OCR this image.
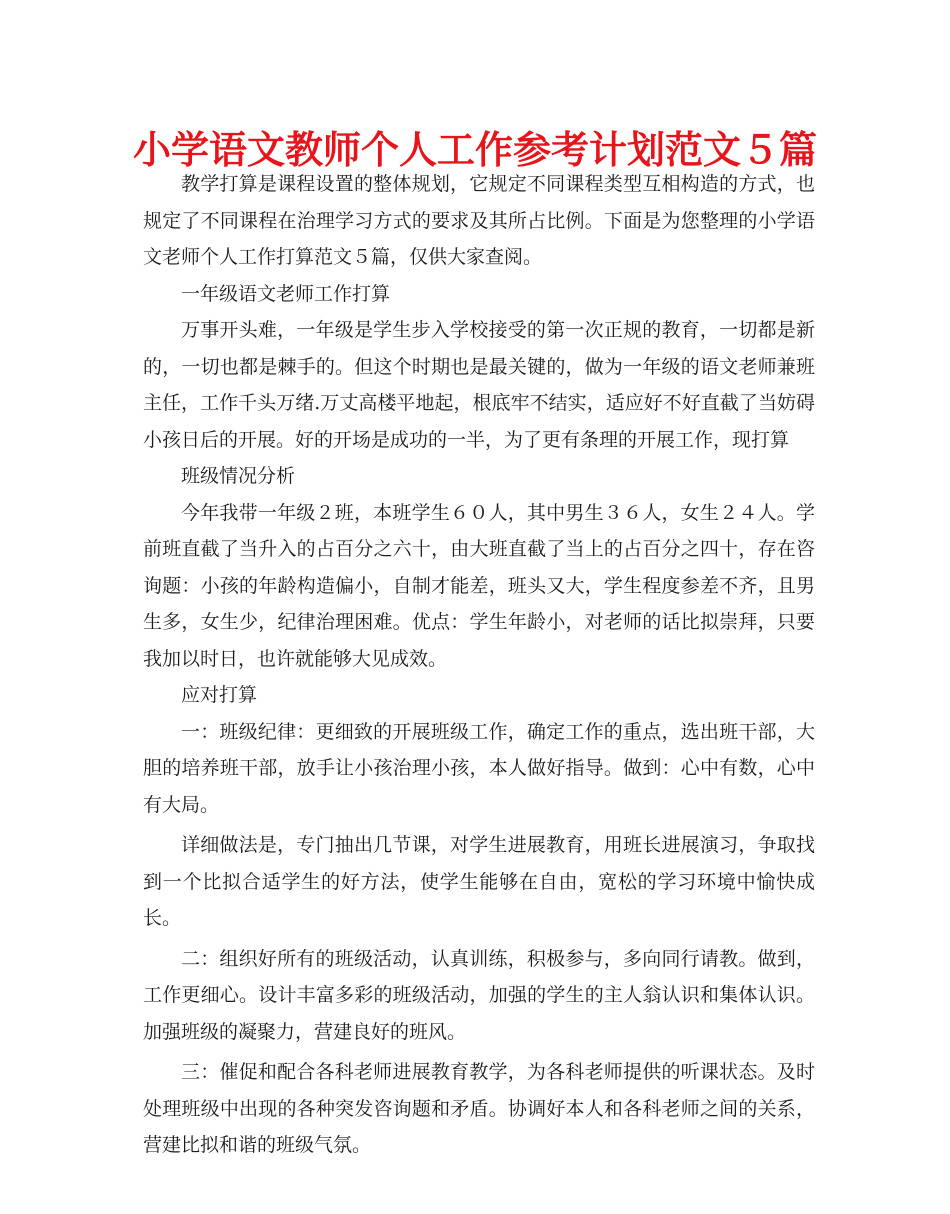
小学语文教师个人工作参考计划范文５篇

教学打算是课程设置的整体规划，它规定不同课程类型互相构造的方式，也规定了不同课程在治理学习方式的要求及其所占比例。下面是为您整理的小学语文老师个人工作打算范文５篇，仅供大家查阅。

一年级语文老师工作打算

万事开头难，一年级是学生步入学校接受的第一次正规的教育，一切都是新的，一切也都是棘手的。但这个时期也是最关键的，做为一年级的语文老师兼班主任，工作千头万绪.万丈高楼平地起，根底牢不结实，适应好不好直截了当妨碍小孩日后的开展。好的开场是成功的一半，为了更有条理的开展工作，现打算

班级情况分析

今年我带一年级２班，本班学生６０人，其中男生３６人，女生２４人。学前班直截了当升入的占百分之六十，由大班直截了当上的占百分之四十，存在咨询题：小孩的年龄构造偏小，自制才能差，班头又大，学生程度参差不齐，且男生多，女生少，纪律治理困难。优点：学生年龄小，对老师的话比拟崇拜，只要我加以时日，也许就能够大见成效。

应对打算

一：班级纪律：更细致的开展班级工作，确定工作的重点，选出班干部，大胆的培养班干部，放手让小孩治理小孩，本人做好指导。做到：心中有数，心中有大局。

详细做法是，专门抽出几节课，对学生进展教育，用班长进展演习，争取找到一个比拟合适学生的好方法，使学生能够在自由，宽松的学习环境中愉快成长。

二：组织好所有的班级活动，认真训练，积极参与，多向同行请教。做到，工作更细心。设计丰富多彩的班级活动，加强的学生的主人翁认识和集体认识。加强班级的凝聚力，营建良好的班风。

三：催促和配合各科老师进展教育教学，为各科老师提供的听课状态。及时处理班级中出现的各种突发咨询题和矛盾。协调好本人和各科老师之间的关系，营建比拟和谐的班级气氛。
